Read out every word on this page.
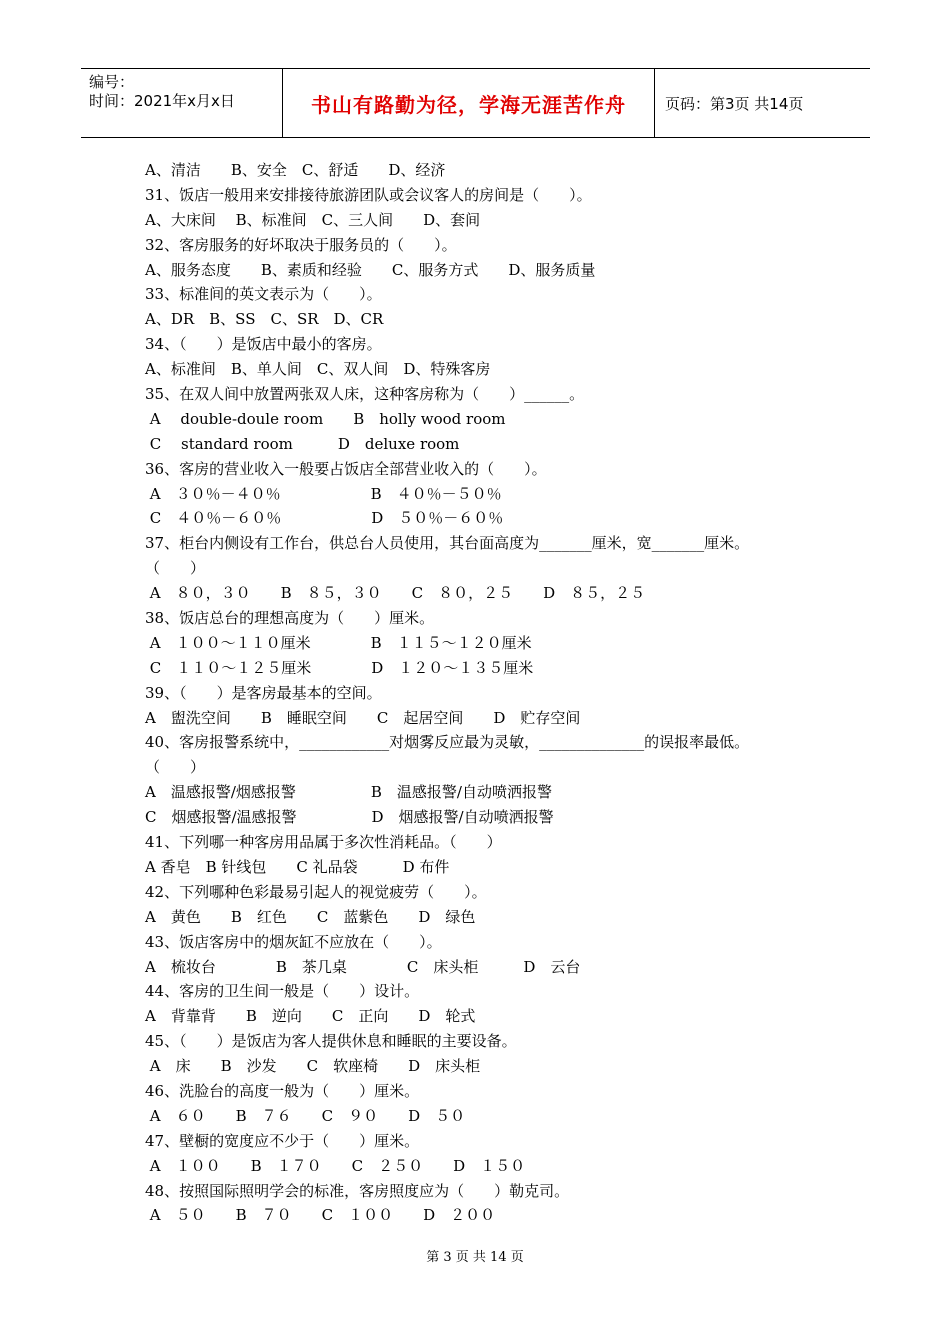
编号：
时间：2021年x月x日	书山有路勤为径，学海无涯苦作舟	页码：第3页 共14页
A、清洁　　B、安全　C、舒适　　D、经济
31、饭店一般用来安排接待旅游团队或会议客人的房间是（　　）。
A、大床间　 B、标准间　C、三人间　　D、套间
32、客房服务的好坏取决于服务员的（　　）。
A、服务态度　　B、素质和经验　　C、服务方式　　D、服务质量
33、标准间的英文表示为（　　）。
A、DR　B、SS　C、SR　D、CR
34、（　　）是饭店中最小的客房。
A、标准间　B、单人间　C、双人间　D、特殊客房
35、在双人间中放置两张双人床，这种客房称为（　　）______。
A　 double-doule room　　B　holly wood room
C　 standard room　　　D　deluxe room
36、客房的营业收入一般要占饭店全部营业收入的（　　）。
A　３０％－４０％　　　　　　B　４０％－５０％
C　４０％－６０％　　　　　　D　５０％－６０％
37、柜台内侧设有工作台，供总台人员使用，其台面高度为_______厘米，宽_______厘米。
（　　）
A　８０，３０　　B　８５，３０　　C　８０，２５　　D　８５，２５
38、饭店总台的理想高度为（　　）厘米。
A　１００～１１０厘米　　　　B　１１５～１２０厘米
C　１１０～１２５厘米　　　　D　１２０～１３５厘米
39、（　　）是客房最基本的空间。
A　盥洗空间　　B　睡眠空间　　C　起居空间　　D　贮存空间
40、客房报警系统中，____________对烟雾反应最为灵敏，______________的误报率最低。
（　　）
A　温感报警/烟感报警　　　　　B　温感报警/自动喷洒报警
C　烟感报警/温感报警　　　　　D　烟感报警/自动喷洒报警
41、下列哪一种客房用品属于多次性消耗品。（　　）
A 香皂　B 针线包　　C 礼品袋　　　D 布件
42、下列哪种色彩最易引起人的视觉疲劳（　　）。
A　黄色　　B　红色　　C　蓝紫色　　D　绿色
43、饭店客房中的烟灰缸不应放在（　　）。
A　梳妆台　　　　B　茶几桌　　　　C　床头柜　　　D　云台
44、客房的卫生间一般是（　　）设计。
A　背靠背　　B　逆向　　C　正向　　D　轮式
45、（　　）是饭店为客人提供休息和睡眠的主要设备。
A　床　　B　沙发　　C　软座椅　　D　床头柜
46、洗脸台的高度一般为（　　）厘米。
A　６０　　B　７６　　C　９０　　D　５０
47、壁橱的宽度应不少于（　　）厘米。
A　１００　　B　１７０　　C　２５０　　D　１５０
48、按照国际照明学会的标准，客房照度应为（　　）勒克司。
A　５０　　B　７０　　C　１００　　D　２００
第 3 页 共 14 页
